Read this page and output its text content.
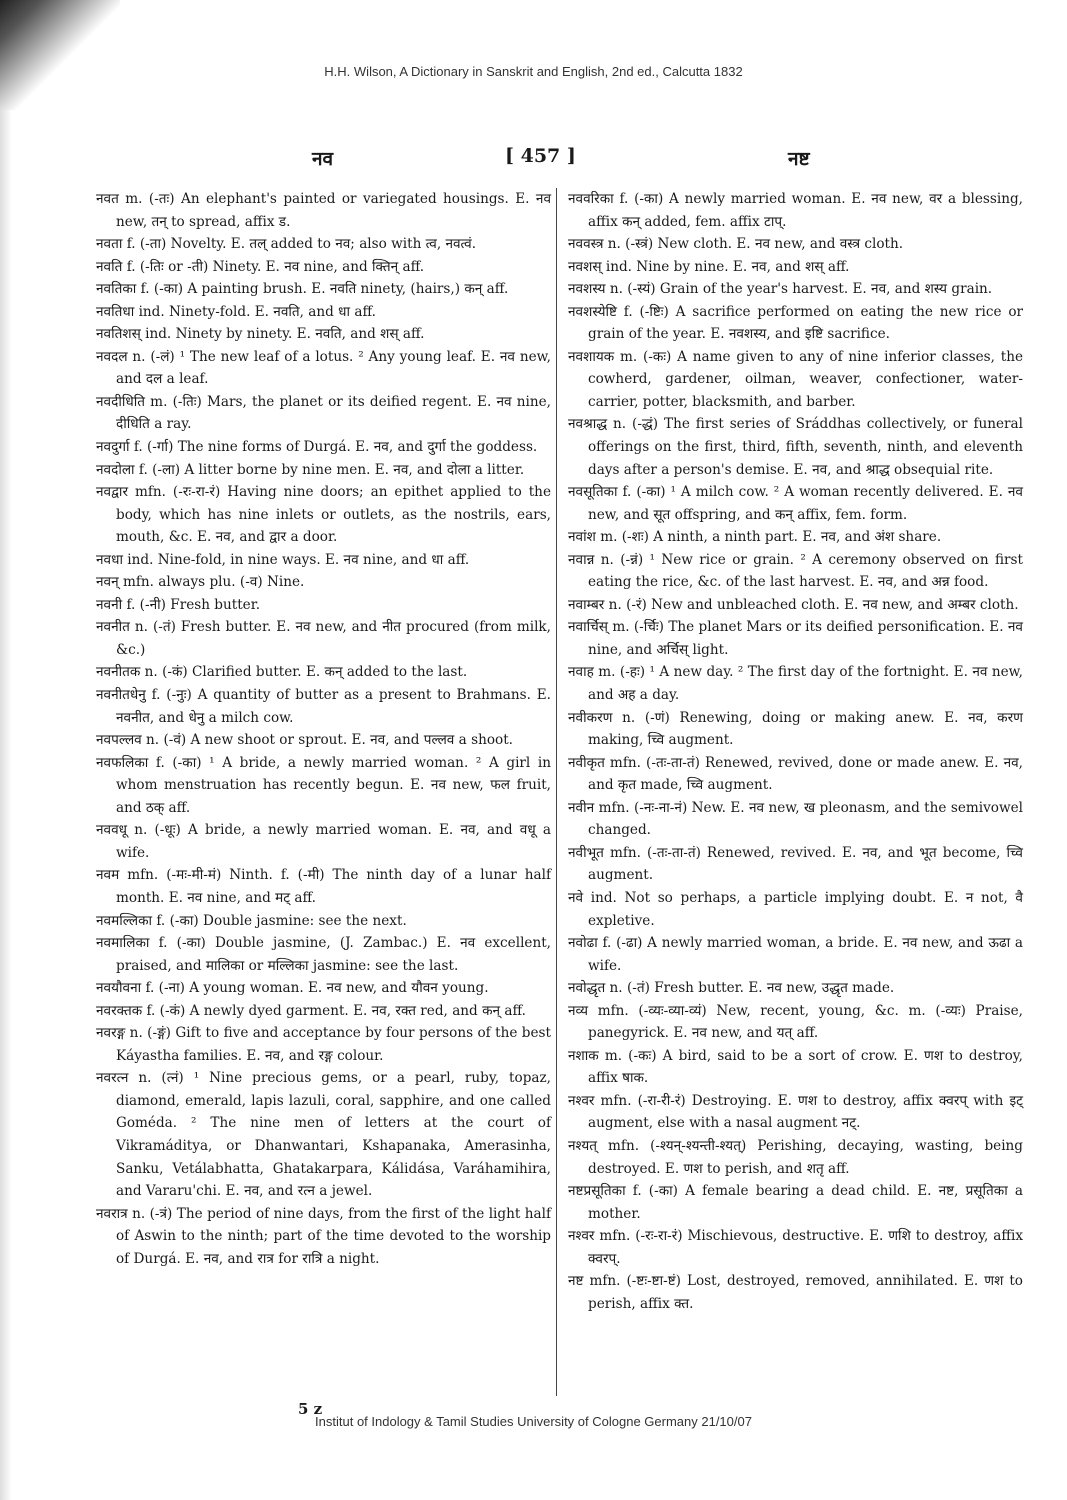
H.H. Wilson, A Dictionary in Sanskrit and English, 2nd ed., Calcutta 1832
नव	[ 457 ]	नष्ट

नवत m. (-तः) An elephant's painted or variegated housings. E. नव new, तन् to spread, affix ड.

नवता f. (-ता) Novelty. E. तल् added to नव; also with त्व, नवत्वं.

नवति f. (-तिः or -ती) Ninety. E. नव nine, and क्तिन् aff.

नवतिका f. (-का) A painting brush. E. नवति ninety, (hairs,) कन् aff.

नवतिधा ind. Ninety-fold. E. नवति, and धा aff.

नवतिशस् ind. Ninety by ninety. E. नवति, and शस् aff.

नवदल n. (-लं) ¹ The new leaf of a lotus. ² Any young leaf. E. नव new, and दल a leaf.

नवदीधिति m. (-तिः) Mars, the planet or its deified regent. E. नव nine, दीधिति a ray.

नवदुर्गा f. (-र्गा) The nine forms of Durgá. E. नव, and दुर्गा the goddess.

नवदोला f. (-ला) A litter borne by nine men. E. नव, and दोला a litter.

नवद्वार mfn. (-रः-रा-रं) Having nine doors; an epithet applied to the body, which has nine inlets or outlets, as the nostrils, ears, mouth, &c. E. नव, and द्वार a door.

नवधा ind. Nine-fold, in nine ways. E. नव nine, and धा aff.

नवन् mfn. always plu. (-व) Nine.

नवनी f. (-नी) Fresh butter.

नवनीत n. (-तं) Fresh butter. E. नव new, and नीत procured (from milk, &c.)

नवनीतक n. (-कं) Clarified butter. E. कन् added to the last.

नवनीतधेनु f. (-नुः) A quantity of butter as a present to Brahmans. E. नवनीत, and धेनु a milch cow.

नवपल्लव n. (-वं) A new shoot or sprout. E. नव, and पल्लव a shoot.

नवफलिका f. (-का) ¹ A bride, a newly married woman. ² A girl in whom menstruation has recently begun. E. नव new, फल fruit, and ठक् aff.

नववधू n. (-धूः) A bride, a newly married woman. E. नव, and वधू a wife.

नवम mfn. (-मः-मी-मं) Ninth. f. (-मी) The ninth day of a lunar half month. E. नव nine, and मट् aff.

नवमल्लिका f. (-का) Double jasmine: see the next.

नवमालिका f. (-का) Double jasmine, (J. Zambac.) E. नव excellent, praised, and मालिका or मल्लिका jasmine: see the last.

नवयौवना f. (-ना) A young woman. E. नव new, and यौवन young.

नवरक्तक f. (-कं) A newly dyed garment. E. नव, रक्त red, and कन् aff.

नवरङ्ग n. (-ङ्गं) Gift to five and acceptance by four persons of the best Káyastha families. E. नव, and रङ्ग colour.

नवरत्न n. (त्नं) ¹ Nine precious gems, or a pearl, ruby, topaz, diamond, emerald, lapis lazuli, coral, sapphire, and one called Goméda. ² The nine men of letters at the court of Vikramáditya, or Dhanwantari, Kshapanaka, Amerasinha, Sanku, Vetálabhatta, Ghatakarpara, Kálidása, Varáhamihira, and Vararu'chi. E. नव, and रत्न a jewel.

नवरात्र n. (-त्रं) The period of nine days, from the first of the light half of Aswin to the ninth; part of the time devoted to the worship of Durgá. E. नव, and रात्र for रात्रि a night.

नववरिका f. (-का) A newly married woman. E. नव new, वर a blessing, affix कन् added, fem. affix टाप्.

नववस्त्र n. (-स्त्रं) New cloth. E. नव new, and वस्त्र cloth.

नवशस् ind. Nine by nine. E. नव, and शस् aff.

नवशस्य n. (-स्यं) Grain of the year's harvest. E. नव, and शस्य grain.

नवशस्येष्टि f. (-ष्टिः) A sacrifice performed on eating the new rice or grain of the year. E. नवशस्य, and इष्टि sacrifice.

नवशायक m. (-कः) A name given to any of nine inferior classes, the cowherd, gardener, oilman, weaver, confectioner, water-carrier, potter, blacksmith, and barber.

नवश्राद्ध n. (-द्धं) The first series of Sráddhas collectively, or funeral offerings on the first, third, fifth, seventh, ninth, and eleventh days after a person's demise. E. नव, and श्राद्ध obsequial rite.

नवसूतिका f. (-का) ¹ A milch cow. ² A woman recently delivered. E. नव new, and सूत offspring, and कन् affix, fem. form.

नवांश m. (-शः) A ninth, a ninth part. E. नव, and अंश share.

नवान्न n. (-न्नं) ¹ New rice or grain. ² A ceremony observed on first eating the rice, &c. of the last harvest. E. नव, and अन्न food.

नवाम्बर n. (-रं) New and unbleached cloth. E. नव new, and अम्बर cloth.

नवार्चिस् m. (-र्चिः) The planet Mars or its deified personification. E. नव nine, and अर्चिस् light.

नवाह m. (-हः) ¹ A new day. ² The first day of the fortnight. E. नव new, and अह a day.

नवीकरण n. (-णं) Renewing, doing or making anew. E. नव, करण making, च्वि augment.

नवीकृत mfn. (-तः-ता-तं) Renewed, revived, done or made anew. E. नव, and कृत made, च्वि augment.

नवीन mfn. (-नः-ना-नं) New. E. नव new, ख pleonasm, and the semivowel changed.

नवीभूत mfn. (-तः-ता-तं) Renewed, revived. E. नव, and भूत become, च्वि augment.

नवे ind. Not so perhaps, a particle implying doubt. E. न not, वै expletive.

नवोढा f. (-ढा) A newly married woman, a bride. E. नव new, and ऊढा a wife.

नवोद्धृत n. (-तं) Fresh butter. E. नव new, उद्धृत made.

नव्य mfn. (-व्यः-व्या-व्यं) New, recent, young, &c. m. (-व्यः) Praise, panegyrick. E. नव new, and यत् aff.

नशाक m. (-कः) A bird, said to be a sort of crow. E. णश to destroy, affix षाक.

नश्वर mfn. (-रा-री-रं) Destroying. E. णश to destroy, affix क्वरप् with इट् augment, else with a nasal augment नट्.

नश्यत् mfn. (-श्यन्-श्यन्ती-श्यत्) Perishing, decaying, wasting, being destroyed. E. णश to perish, and शतृ aff.

नष्टप्रसूतिका f. (-का) A female bearing a dead child. E. नष्ट, प्रसूतिका a mother.

नश्वर mfn. (-रः-रा-रं) Mischievous, destructive. E. णशि to destroy, affix क्वरप्.

नष्ट mfn. (-ष्टः-ष्टा-ष्टं) Lost, destroyed, removed, annihilated. E. णश to perish, affix क्त.

5 z
Institut of Indology & Tamil Studies University of Cologne Germany 21/10/07
